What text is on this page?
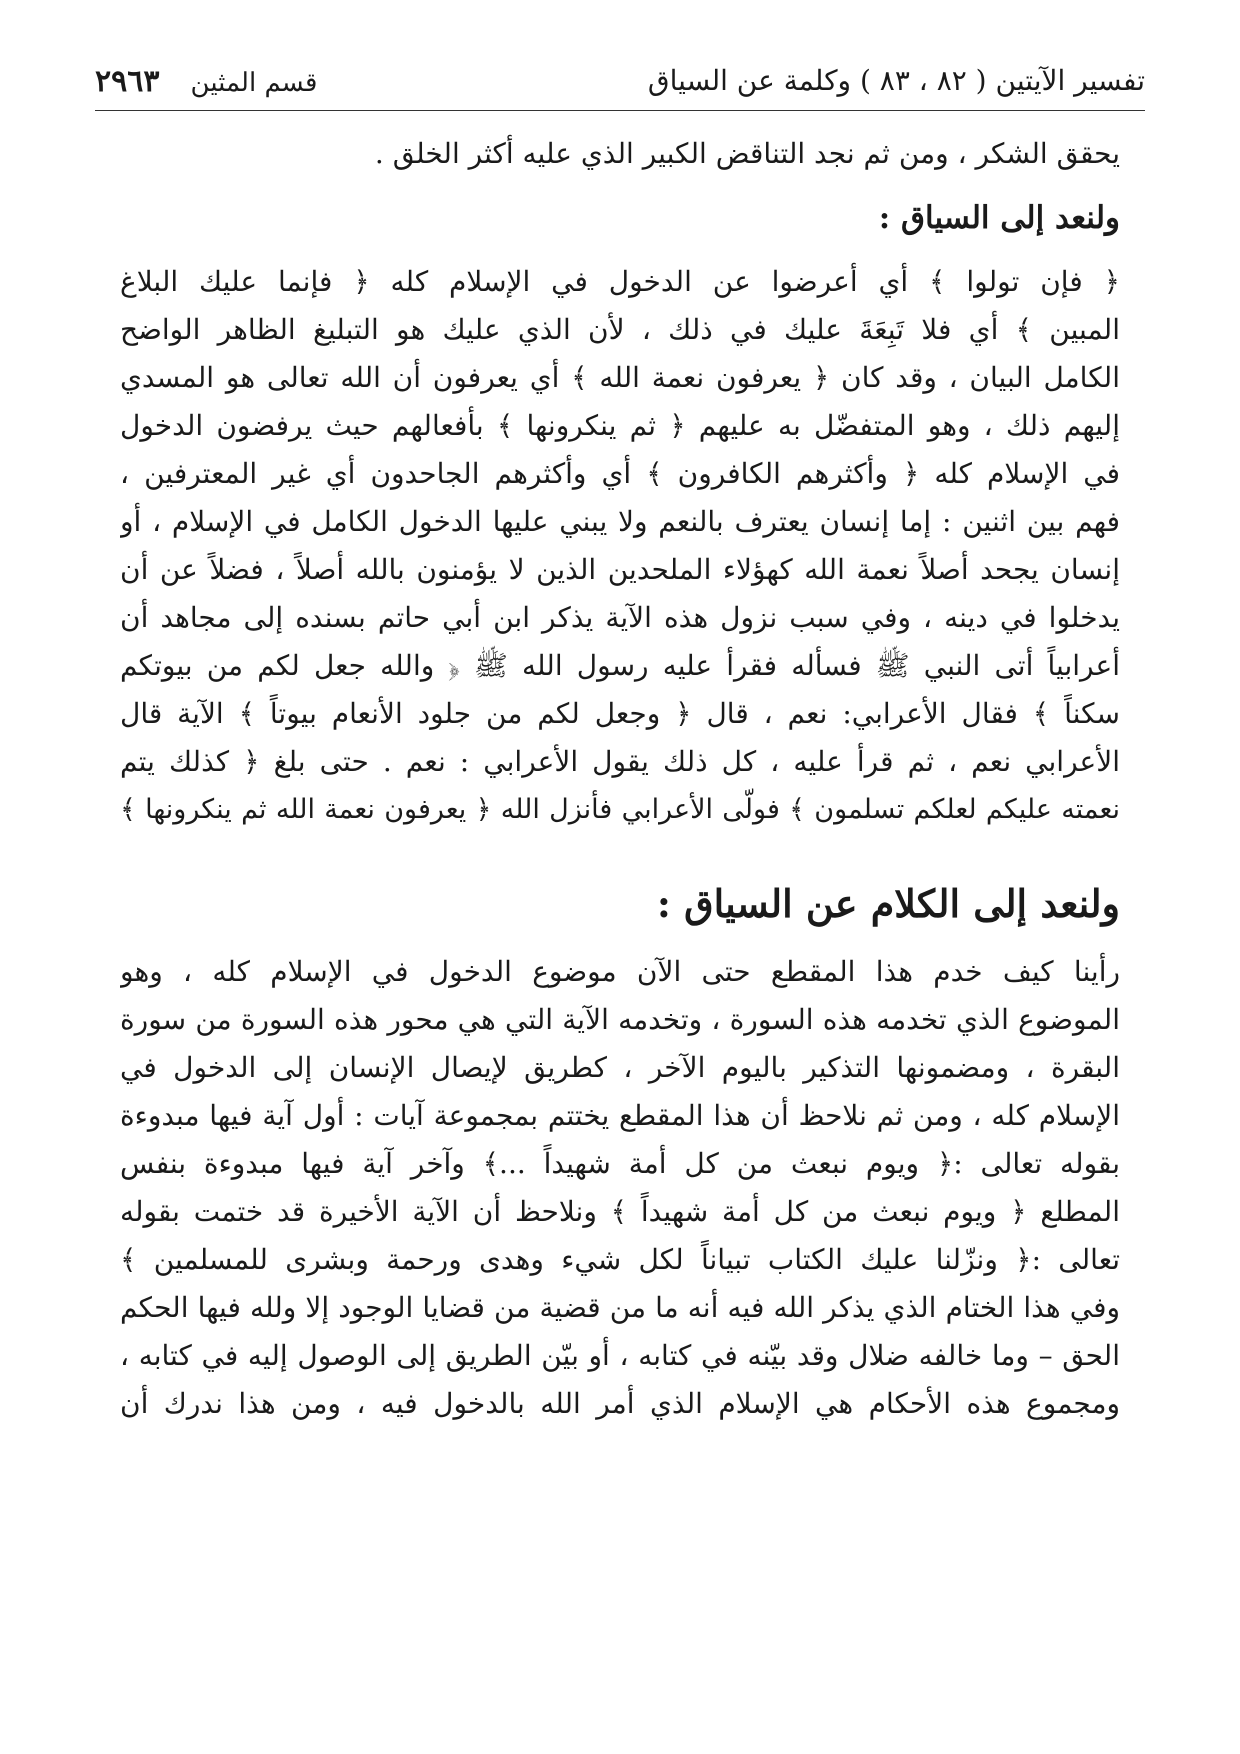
تفسير الآيتين ( ٨٢ ، ٨٣ ) وكلمة عن السياق
قسم المثين ٢٩٦٣
يحقق الشكر ، ومن ثم نجد التناقض الكبير الذي عليه أكثر الخلق .
ولنعد إلى السياق :
﴿ فإن تولوا ﴾ أي أعرضوا عن الدخول في الإسلام كله ﴿ فإنما عليك البلاغ
المبين ﴾ أي فلا تَبِعَةَ عليك في ذلك ، لأن الذي عليك هو التبليغ الظاهر الواضح
الكامل البيان ، وقد كان ﴿ يعرفون نعمة الله ﴾ أي يعرفون أن الله تعالى هو المسدي
إليهم ذلك ، وهو المتفضّل به عليهم ﴿ ثم ينكرونها ﴾ بأفعالهم حيث يرفضون الدخول
في الإسلام كله ﴿ وأكثرهم الكافرون ﴾ أي وأكثرهم الجاحدون أي غير المعترفين ،
فهم بين اثنين : إما إنسان يعترف بالنعم ولا يبني عليها الدخول الكامل في الإسلام ، أو
إنسان يجحد أصلاً نعمة الله كهؤلاء الملحدين الذين لا يؤمنون بالله أصلاً ، فضلاً عن أن
يدخلوا في دينه ، وفي سبب نزول هذه الآية يذكر ابن أبي حاتم بسنده إلى مجاهد أن
أعرابياً أتى النبي ﷺ فسأله فقرأ عليه رسول الله ﷺ ﴿ والله جعل لكم من بيوتكم
سكناً ﴾ فقال الأعرابي: نعم ، قال ﴿ وجعل لكم من جلود الأنعام بيوتاً ﴾ الآية قال
الأعرابي نعم ، ثم قرأ عليه ، كل ذلك يقول الأعرابي : نعم . حتى بلغ ﴿ كذلك يتم
نعمته عليكم لعلكم تسلمون ﴾ فولّى الأعرابي فأنزل الله ﴿ يعرفون نعمة الله ثم ينكرونها ﴾
ولنعد إلى الكلام عن السياق :
رأينا كيف خدم هذا المقطع حتى الآن موضوع الدخول في الإسلام كله ، وهو
الموضوع الذي تخدمه هذه السورة ، وتخدمه الآية التي هي محور هذه السورة من سورة
البقرة ، ومضمونها التذكير باليوم الآخر ، كطريق لإيصال الإنسان إلى الدخول في
الإسلام كله ، ومن ثم نلاحظ أن هذا المقطع يختتم بمجموعة آيات : أول آية فيها مبدوءة
بقوله تعالى :﴿ ويوم نبعث من كل أمة شهيداً ...﴾ وآخر آية فيها مبدوءة بنفس
المطلع ﴿ ويوم نبعث من كل أمة شهيداً ﴾ ونلاحظ أن الآية الأخيرة قد ختمت بقوله
تعالى :﴿ ونزّلنا عليك الكتاب تبياناً لكل شيء وهدى ورحمة وبشرى للمسلمين ﴾
وفي هذا الختام الذي يذكر الله فيه أنه ما من قضية من قضايا الوجود إلا ولله فيها الحكم
الحق – وما خالفه ضلال وقد بيّنه في كتابه ، أو بيّن الطريق إلى الوصول إليه في كتابه ،
ومجموع هذه الأحكام هي الإسلام الذي أمر الله بالدخول فيه ، ومن هذا ندرك أن
